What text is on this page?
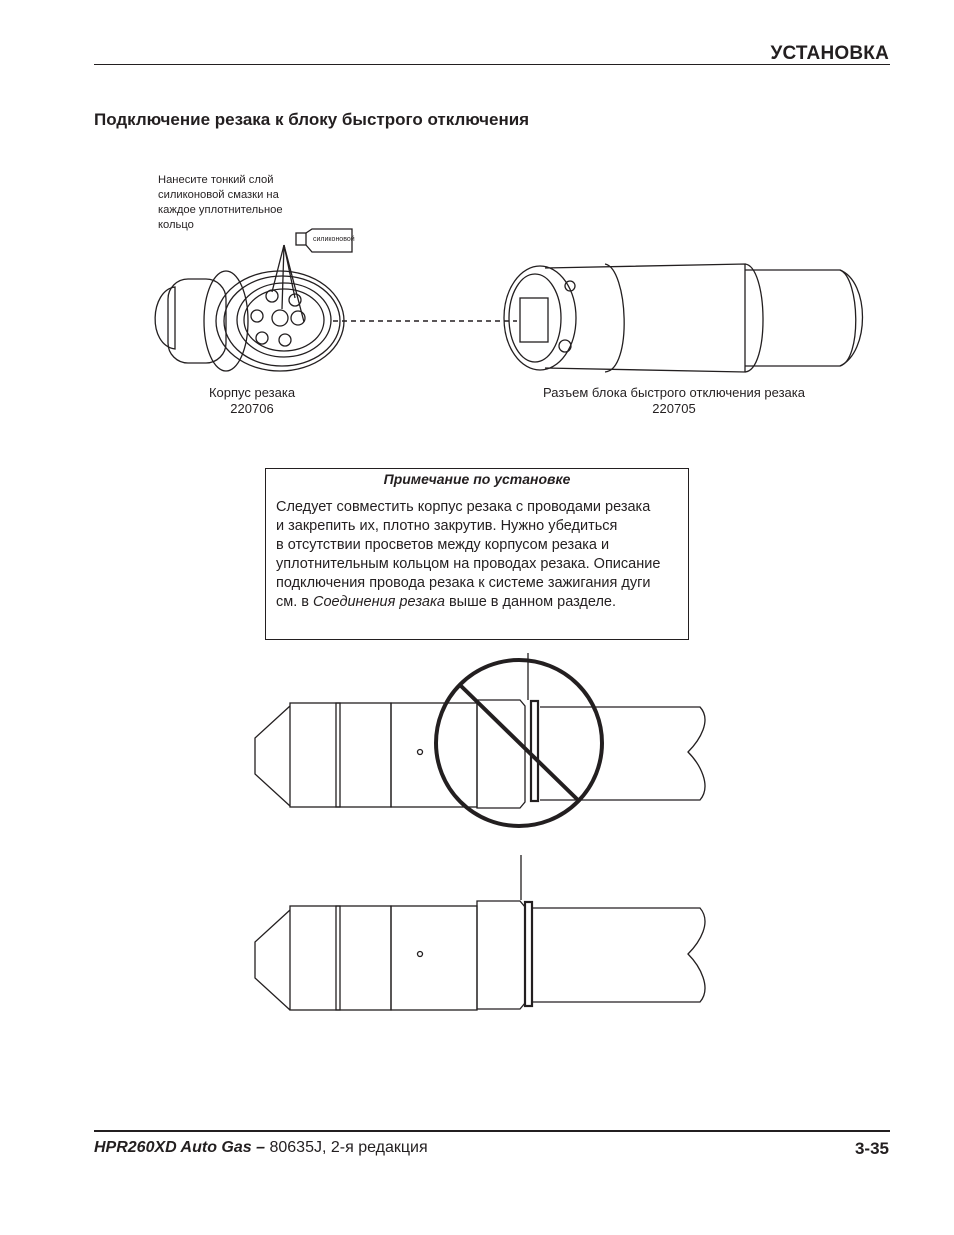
УСТАНОВКА
Подключение резака к блоку быстрого отключения
Нанесите тонкий слой
силиконовой смазки на
каждое уплотнительное
кольцо
силиконовой
Корпус резака
220706
Разъем блока быстрого отключения резака
220705
Примечание по установке
Следует совместить корпус резака с проводами резака
и закрепить их, плотно закрутив. Нужно убедиться
в отсутствии просветов между корпусом резака и
уплотнительным кольцом на проводах резака. Описание
подключения провода резака к системе зажигания дуги
см. в Соединения резака выше в данном разделе.
HPR260XD Auto Gas – 80635J, 2-я редакция	3-35
